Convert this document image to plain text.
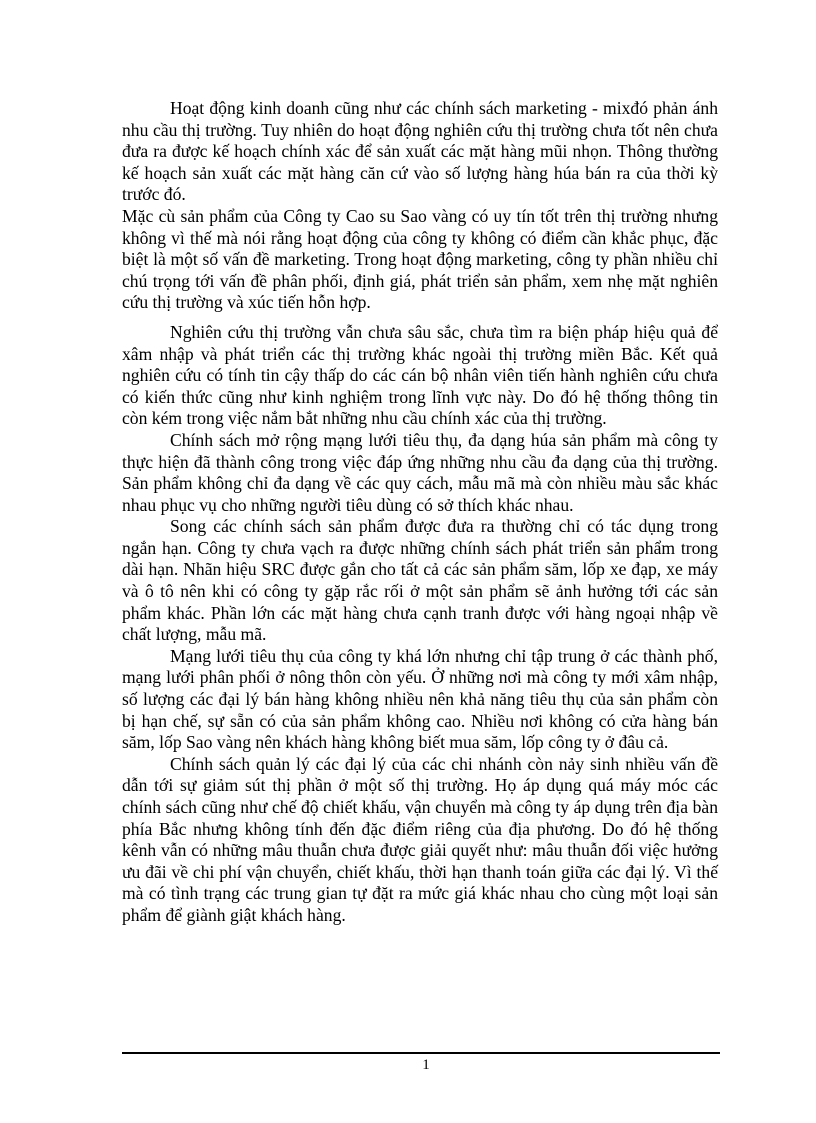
Hoạt động kinh doanh cũng như các chính sách marketing - mixđó phản ánh nhu cầu thị trường. Tuy nhiên do hoạt động nghiên cứu thị trường chưa tốt nên chưa đưa ra được kế hoạch chính xác để sản xuất các mặt hàng mũi nhọn. Thông thường kế hoạch sản xuất các mặt hàng căn cứ vào số lượng hàng húa bán ra của thời kỳ trước đó.

Mặc cù sản phẩm của Công ty Cao su Sao vàng có uy tín tốt trên thị trường nhưng không vì thế mà nói rằng hoạt động của công ty không có điểm cần khắc phục, đặc biệt là một số vấn đề marketing. Trong hoạt động marketing, công ty phần nhiều chỉ chú trọng tới vấn đề phân phối, định giá, phát triển sản phẩm, xem nhẹ mặt nghiên cứu thị trường và xúc tiến hỗn hợp.

Nghiên cứu thị trường vẫn chưa sâu sắc, chưa tìm ra biện pháp hiệu quả để xâm nhập và phát triển các thị trường khác ngoài thị trường miền Bắc. Kết quả nghiên cứu có tính tin cậy thấp do các cán bộ nhân viên tiến hành nghiên cứu chưa có kiến thức cũng như kinh nghiệm trong lĩnh vực này. Do đó hệ thống thông tin còn kém trong việc nắm bắt những nhu cầu chính xác của thị trường.

Chính sách mở rộng mạng lưới tiêu thụ, đa dạng húa sản phẩm mà công ty thực hiện đã thành công trong việc đáp ứng những nhu cầu đa dạng của thị trường. Sản phẩm không chỉ đa dạng về các quy cách, mẫu mã mà còn nhiều màu sắc khác nhau phục vụ cho những người tiêu dùng có sở thích khác nhau.

Song các chính sách sản phẩm được đưa ra thường chỉ có tác dụng trong ngắn hạn. Công ty chưa vạch ra được những chính sách phát triển sản phẩm trong dài hạn. Nhãn hiệu SRC được gắn cho tất cả các sản phẩm săm, lốp xe đạp, xe máy và ô tô nên khi có công ty gặp rắc rối ở một sản phẩm sẽ ảnh hưởng tới các sản phẩm khác. Phần lớn các mặt hàng chưa cạnh tranh được với hàng ngoại nhập về chất lượng, mẫu mã.

Mạng lưới tiêu thụ của công ty khá lớn nhưng chỉ tập trung ở các thành phố, mạng lưới phân phối ở nông thôn còn yếu. Ở những nơi mà công ty mới xâm nhập, số lượng các đại lý bán hàng không nhiều nên khả năng tiêu thụ của sản phẩm còn bị hạn chế, sự sẵn có của sản phẩm không cao. Nhiều nơi không có cửa hàng bán săm, lốp Sao vàng nên khách hàng không biết mua săm, lốp công ty ở đâu cả.

Chính sách quản lý các đại lý của các chi nhánh còn nảy sinh nhiều vấn đề dẫn tới sự giảm sút thị phần ở một số thị trường. Họ áp dụng quá máy móc các chính sách cũng như chế độ chiết khấu, vận chuyển mà công ty áp dụng trên địa bàn phía Bắc nhưng không tính đến đặc điểm riêng của địa phương. Do đó hệ thống kênh vẫn có những mâu thuẫn chưa được giải quyết như: mâu thuẫn đối việc hưởng ưu đãi về chi phí vận chuyển, chiết khấu, thời hạn thanh toán giữa các đại lý. Vì thế mà có tình trạng các trung gian tự đặt ra mức giá khác nhau cho cùng một loại sản phẩm để giành giật khách hàng.

1
